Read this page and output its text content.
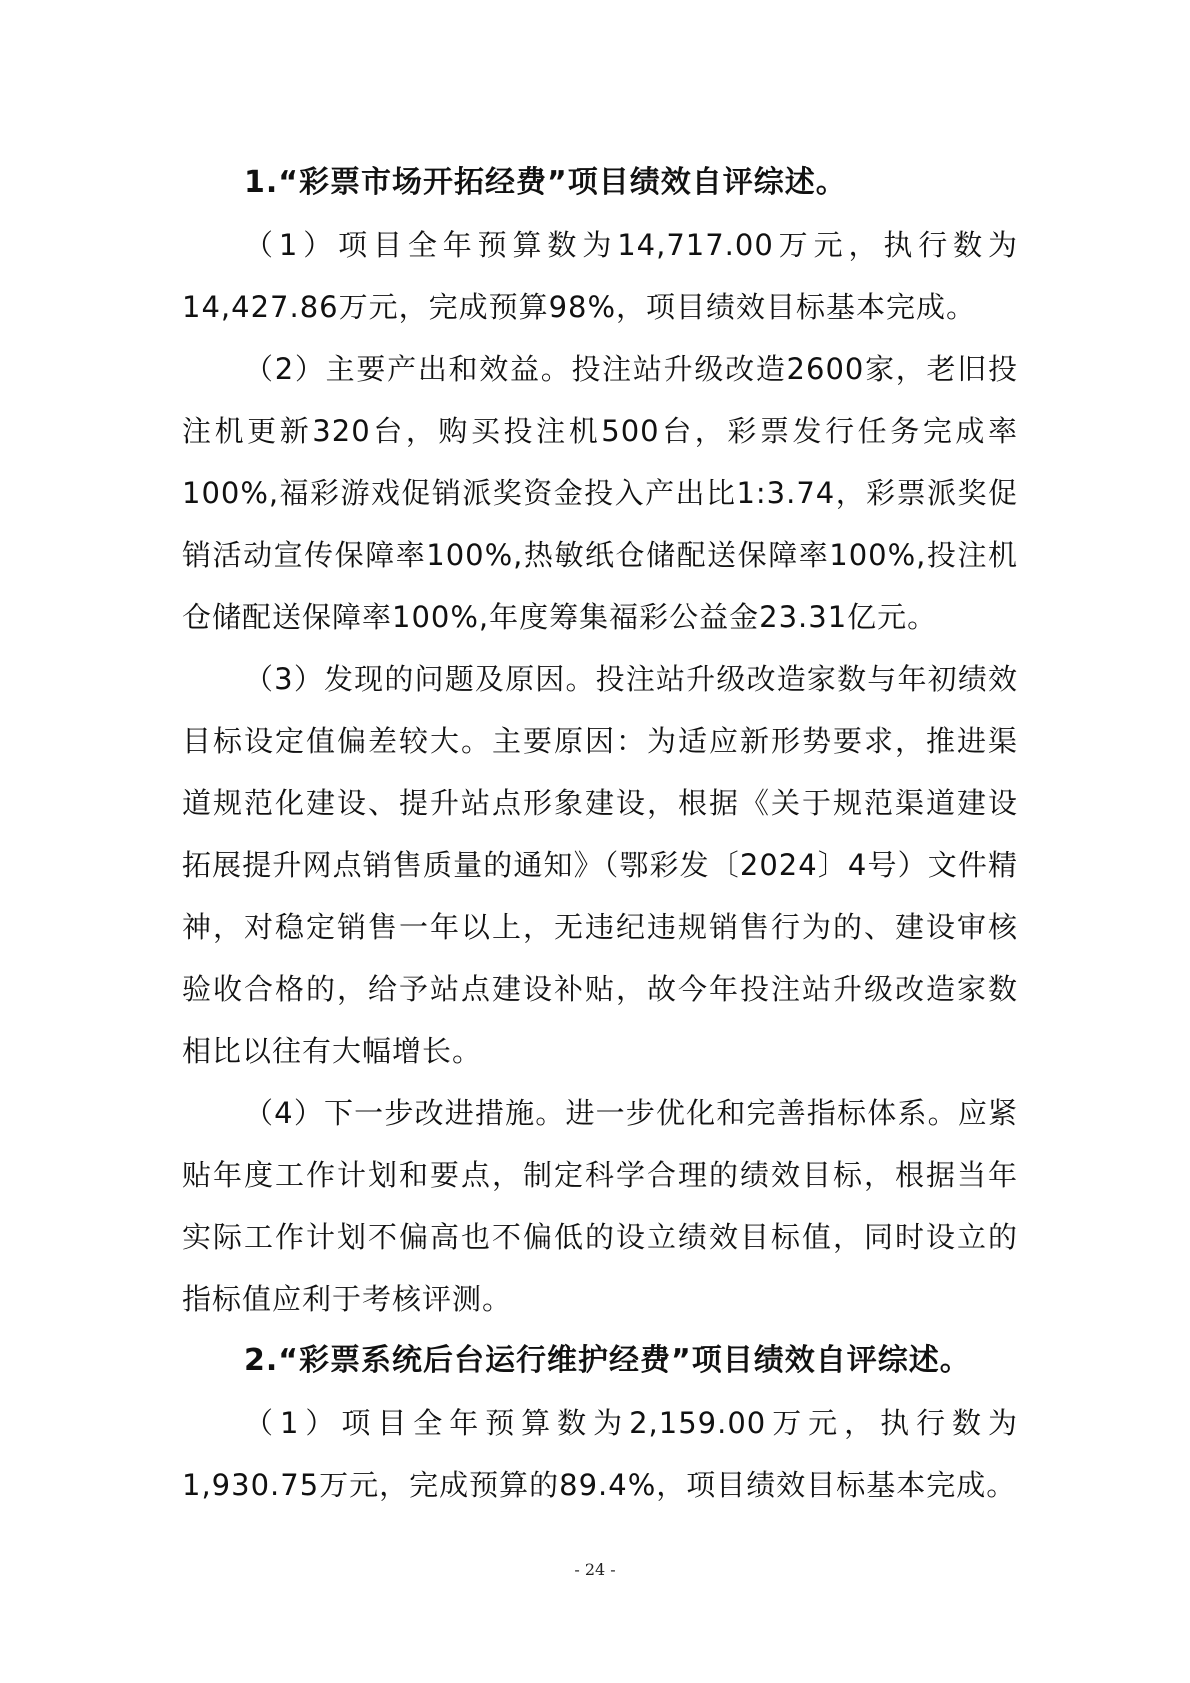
1.“彩票市场开拓经费”项目绩效自评综述。

（1）项目全年预算数为14,717.00万元，执行数为14,427.86万元，完成预算98%，项目绩效目标基本完成。

（2）主要产出和效益。投注站升级改造2600家，老旧投注机更新320台，购买投注机500台，彩票发行任务完成率100%,福彩游戏促销派奖资金投入产出比1:3.74，彩票派奖促销活动宣传保障率100%,热敏纸仓储配送保障率100%,投注机仓储配送保障率100%,年度筹集福彩公益金23.31亿元。

（3）发现的问题及原因。投注站升级改造家数与年初绩效目标设定值偏差较大。主要原因：为适应新形势要求，推进渠道规范化建设、提升站点形象建设，根据《关于规范渠道建设拓展提升网点销售质量的通知》（鄂彩发〔2024〕4号）文件精神，对稳定销售一年以上，无违纪违规销售行为的、建设审核验收合格的，给予站点建设补贴，故今年投注站升级改造家数相比以往有大幅增长。

（4）下一步改进措施。进一步优化和完善指标体系。应紧贴年度工作计划和要点，制定科学合理的绩效目标，根据当年实际工作计划不偏高也不偏低的设立绩效目标值，同时设立的指标值应利于考核评测。

2.“彩票系统后台运行维护经费”项目绩效自评综述。

（1）项目全年预算数为2,159.00万元，执行数为1,930.75万元，完成预算的89.4%，项目绩效目标基本完成。

- 24 -
